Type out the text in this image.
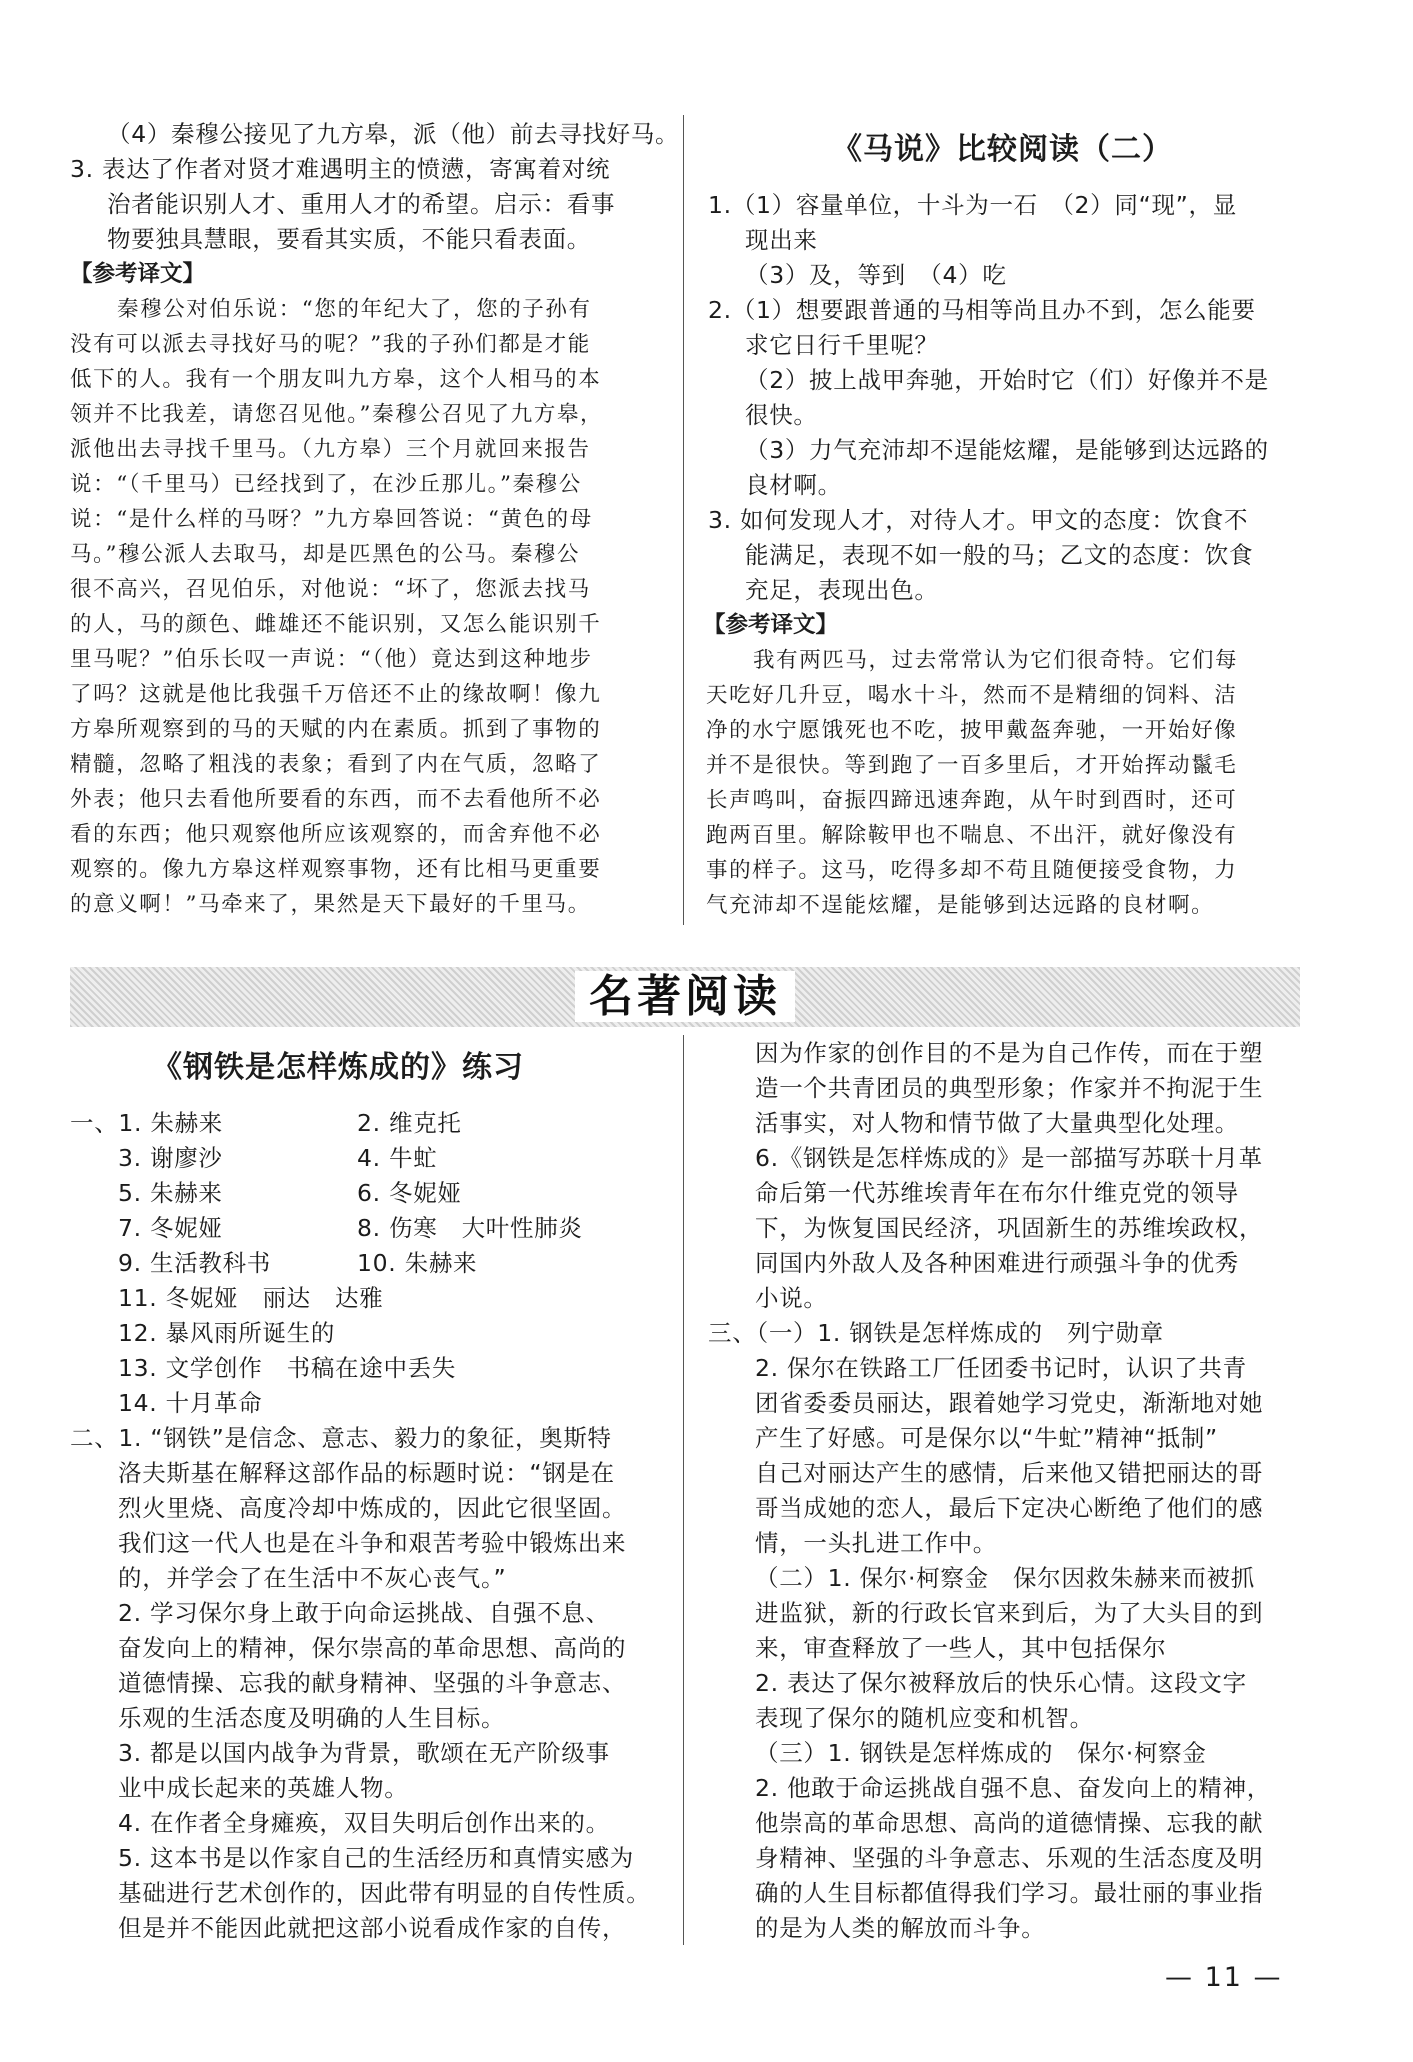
（4）秦穆公接见了九方皋，派（他）前去寻找好马。

3. 表达了作者对贤才难遇明主的愤懑，寄寓着对统

治者能识别人才、重用人才的希望。启示：看事

物要独具慧眼，要看其实质，不能只看表面。

【参考译文】

秦穆公对伯乐说：“您的年纪大了，您的子孙有

没有可以派去寻找好马的呢？”我的子孙们都是才能

低下的人。我有一个朋友叫九方皋，这个人相马的本

领并不比我差，请您召见他。”秦穆公召见了九方皋，

派他出去寻找千里马。（九方皋）三个月就回来报告

说：“（千里马）已经找到了，在沙丘那儿。”秦穆公

说：“是什么样的马呀？”九方皋回答说：“黄色的母

马。”穆公派人去取马，却是匹黑色的公马。秦穆公

很不高兴，召见伯乐，对他说：“坏了，您派去找马

的人，马的颜色、雌雄还不能识别，又怎么能识别千

里马呢？”伯乐长叹一声说：“（他）竟达到这种地步

了吗？这就是他比我强千万倍还不止的缘故啊！像九

方皋所观察到的马的天赋的内在素质。抓到了事物的

精髓，忽略了粗浅的表象；看到了内在气质，忽略了

外表；他只去看他所要看的东西，而不去看他所不必

看的东西；他只观察他所应该观察的，而舍弃他不必

观察的。像九方皋这样观察事物，还有比相马更重要

的意义啊！”马牵来了，果然是天下最好的千里马。

《马说》比较阅读（二）

1.（1）容量单位，十斗为一石　（2）同“现”，显

现出来

（3）及，等到　（4）吃

2.（1）想要跟普通的马相等尚且办不到，怎么能要

求它日行千里呢？

（2）披上战甲奔驰，开始时它（们）好像并不是

很快。

（3）力气充沛却不逞能炫耀，是能够到达远路的

良材啊。

3. 如何发现人才，对待人才。甲文的态度：饮食不

能满足，表现不如一般的马；乙文的态度：饮食

充足，表现出色。

【参考译文】

我有两匹马，过去常常认为它们很奇特。它们每

天吃好几升豆，喝水十斗，然而不是精细的饲料、洁

净的水宁愿饿死也不吃，披甲戴盔奔驰，一开始好像

并不是很快。等到跑了一百多里后，才开始挥动鬣毛

长声鸣叫，奋振四蹄迅速奔跑，从午时到酉时，还可

跑两百里。解除鞍甲也不喘息、不出汗，就好像没有

事的样子。这马，吃得多却不苟且随便接受食物，力

气充沛却不逞能炫耀，是能够到达远路的良材啊。

名著阅读

《钢铁是怎样炼成的》练习

一、1. 朱赫来	2. 维克托

3. 谢廖沙	4. 牛虻

5. 朱赫来	6. 冬妮娅

7. 冬妮娅	8. 伤寒　大叶性肺炎

9. 生活教科书	10. 朱赫来

11. 冬妮娅　丽达　达雅

12. 暴风雨所诞生的

13. 文学创作　书稿在途中丢失

14. 十月革命

二、1. “钢铁”是信念、意志、毅力的象征，奥斯特

洛夫斯基在解释这部作品的标题时说：“钢是在

烈火里烧、高度冷却中炼成的，因此它很坚固。

我们这一代人也是在斗争和艰苦考验中锻炼出来

的，并学会了在生活中不灰心丧气。”

2. 学习保尔身上敢于向命运挑战、自强不息、

奋发向上的精神，保尔崇高的革命思想、高尚的

道德情操、忘我的献身精神、坚强的斗争意志、

乐观的生活态度及明确的人生目标。

3. 都是以国内战争为背景，歌颂在无产阶级事

业中成长起来的英雄人物。

4. 在作者全身瘫痪，双目失明后创作出来的。

5. 这本书是以作家自己的生活经历和真情实感为

基础进行艺术创作的，因此带有明显的自传性质。

但是并不能因此就把这部小说看成作家的自传，

因为作家的创作目的不是为自己作传，而在于塑

造一个共青团员的典型形象；作家并不拘泥于生

活事实，对人物和情节做了大量典型化处理。

6.《钢铁是怎样炼成的》是一部描写苏联十月革

命后第一代苏维埃青年在布尔什维克党的领导

下，为恢复国民经济，巩固新生的苏维埃政权，

同国内外敌人及各种困难进行顽强斗争的优秀

小说。

三、（一）1. 钢铁是怎样炼成的　列宁勋章

2. 保尔在铁路工厂任团委书记时，认识了共青

团省委委员丽达，跟着她学习党史，渐渐地对她

产生了好感。可是保尔以“牛虻”精神“抵制”

自己对丽达产生的感情，后来他又错把丽达的哥

哥当成她的恋人，最后下定决心断绝了他们的感

情，一头扎进工作中。

（二）1. 保尔·柯察金　保尔因救朱赫来而被抓

进监狱，新的行政长官来到后，为了大头目的到

来，审查释放了一些人，其中包括保尔

2. 表达了保尔被释放后的快乐心情。这段文字

表现了保尔的随机应变和机智。

（三）1. 钢铁是怎样炼成的　保尔·柯察金

2. 他敢于命运挑战自强不息、奋发向上的精神，

他崇高的革命思想、高尚的道德情操、忘我的献

身精神、坚强的斗争意志、乐观的生活态度及明

确的人生目标都值得我们学习。最壮丽的事业指

的是为人类的解放而斗争。

— 11 —
